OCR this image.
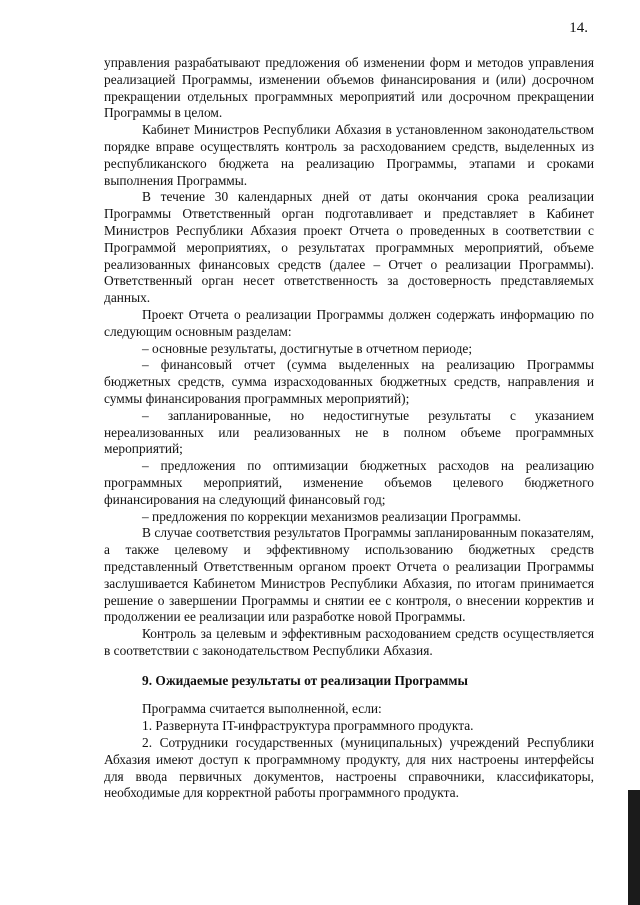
14.

управления разрабатывают предложения об изменении форм и методов управления реализацией Программы, изменении объемов финансирования и (или) досрочном прекращении отдельных программных мероприятий или досрочном прекращении Программы в целом.

Кабинет Министров Республики Абхазия в установленном законодательством порядке вправе осуществлять контроль за расходованием средств, выделенных из республиканского бюджета на реализацию Программы, этапами и сроками выполнения Программы.

В течение 30 календарных дней от даты окончания срока реализации Программы Ответственный орган подготавливает и представляет в Кабинет Министров Республики Абхазия проект Отчета о проведенных в соответствии с Программой мероприятиях, о результатах программных мероприятий, объеме реализованных финансовых средств (далее – Отчет о реализации Программы). Ответственный орган несет ответственность за достоверность представляемых данных.

Проект Отчета о реализации Программы должен содержать информацию по следующим основным разделам:

– основные результаты, достигнутые в отчетном периоде;

– финансовый отчет (сумма выделенных на реализацию Программы бюджетных средств, сумма израсходованных бюджетных средств, направления и суммы финансирования программных мероприятий);

– запланированные, но недостигнутые результаты с указанием нереализованных или реализованных не в полном объеме программных мероприятий;

– предложения по оптимизации бюджетных расходов на реализацию программных мероприятий, изменение объемов целевого бюджетного финансирования на следующий финансовый год;

– предложения по коррекции механизмов реализации Программы.

В случае соответствия результатов Программы запланированным показателям, а также целевому и эффективному использованию бюджетных средств представленный Ответственным органом проект Отчета о реализации Программы заслушивается Кабинетом Министров Республики Абхазия, по итогам принимается решение о завершении Программы и снятии ее с контроля, о внесении корректив и продолжении ее реализации или разработке новой Программы.

Контроль за целевым и эффективным расходованием средств осуществляется в соответствии с законодательством Республики Абхазия.

9. Ожидаемые результаты от реализации Программы

Программа считается выполненной, если:

1. Развернута IT-инфраструктура программного продукта.

2. Сотрудники государственных (муниципальных) учреждений Республики Абхазия имеют доступ к программному продукту, для них настроены интерфейсы для ввода первичных документов, настроены справочники, классификаторы, необходимые для корректной работы программного продукта.
